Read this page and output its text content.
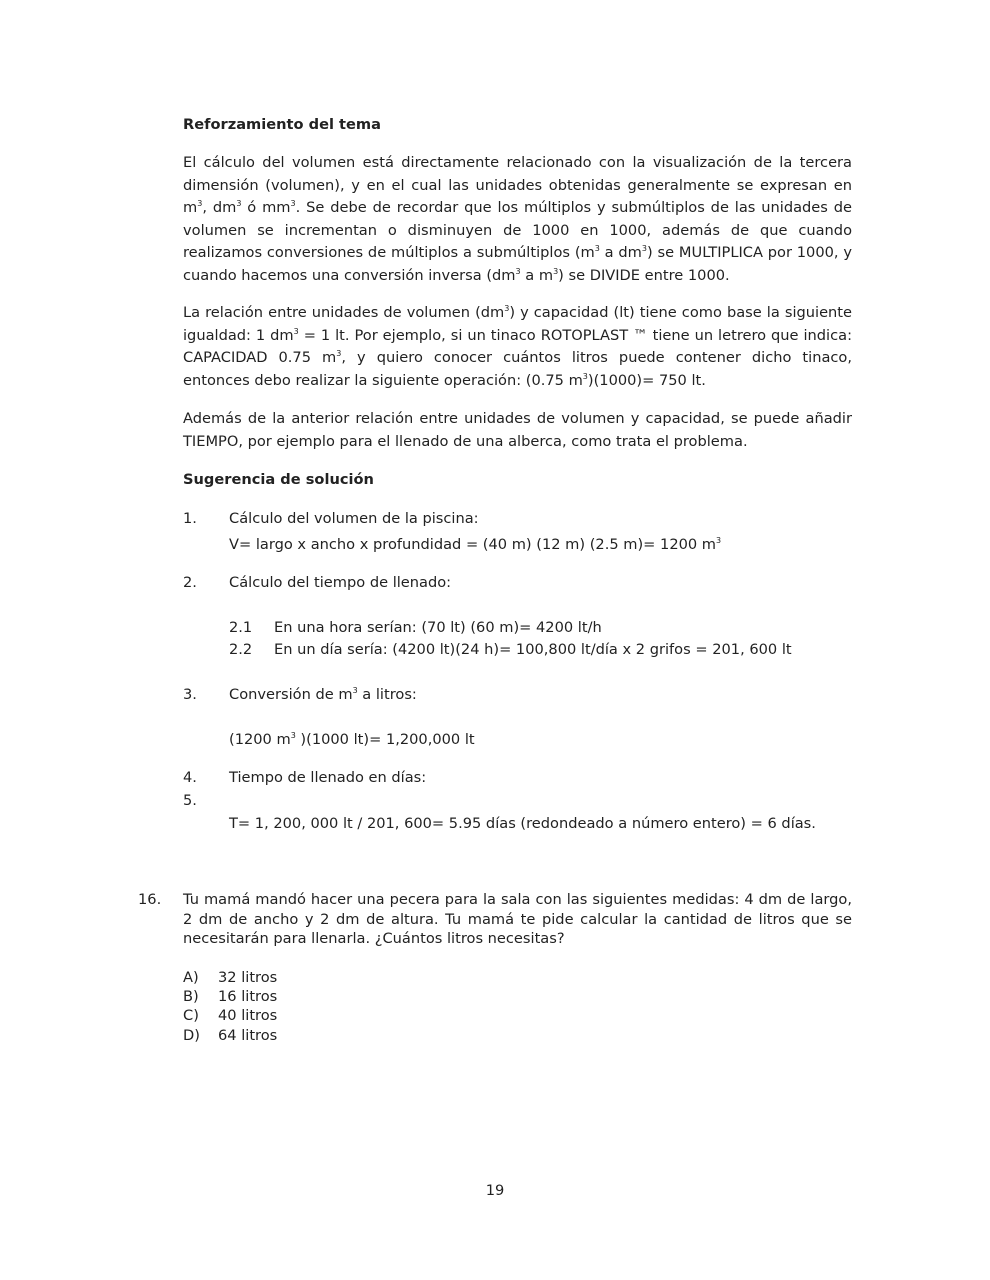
Reforzamiento del tema
El cálculo del volumen está directamente relacionado con la visualización de la tercera dimensión (volumen), y en el cual las unidades obtenidas generalmente se expresan en $m^3$, $dm^3$ ó $mm^3$. Se debe de recordar que los múltiplos y submúltiplos de las unidades de volumen se incrementan o disminuyen de 1000 en 1000, además de que cuando realizamos conversiones de múltiplos a submúltiplos ($m^3$ a $dm^3$) se MULTIPLICA por 1000, y cuando hacemos una conversión inversa ($dm^3$ a $m^3$) se DIVIDE entre 1000.
La relación entre unidades de volumen $(dm^3)$ y capacidad (lt) tiene como base la siguiente igualdad: 1 $dm^3 = 1$ lt. Por ejemplo, si un tinaco ROTOPLAST ™ tiene un letrero que indica: CAPACIDAD 0.75 $m^3$, y quiero conocer cuántos litros puede contener dicho tinaco, entonces debo realizar la siguiente operación: (0.75 $m^3)(1000)= 750$ lt.
Además de la anterior relación entre unidades de volumen y capacidad, se puede añadir TIEMPO, por ejemplo para el llenado de una alberca, como trata el problema.
Sugerencia de solución
1. Cálculo del volumen de la piscina:
V= largo x ancho x profundidad = (40 m) (12 m) (2.5 m)= 1200 $m^3$
2. Cálculo del tiempo de llenado:
2.1 En una hora serían: (70 lt) (60 m)= 4200 lt/h
2.2 En un día sería: (4200 lt)(24 h)= 100,800 lt/día x 2 grifos = 201, 600 lt
3. Conversión de $m^3$ a litros:
(1200 $m^3$ )(1000 lt)= 1,200,000 lt
4. Tiempo de llenado en días:
5.
T= 1, 200, 000 lt / 201, 600= 5.95 días (redondeado a número entero) = 6 días.
16. Tu mamá mandó hacer una pecera para la sala con las siguientes medidas: 4 dm de largo, 2 dm de ancho y 2 dm de altura. Tu mamá te pide calcular la cantidad de litros que se necesitarán para llenarla. ¿Cuántos litros necesitas?
A) 32 litros
B) 16 litros
C) 40 litros
D) 64 litros
19
